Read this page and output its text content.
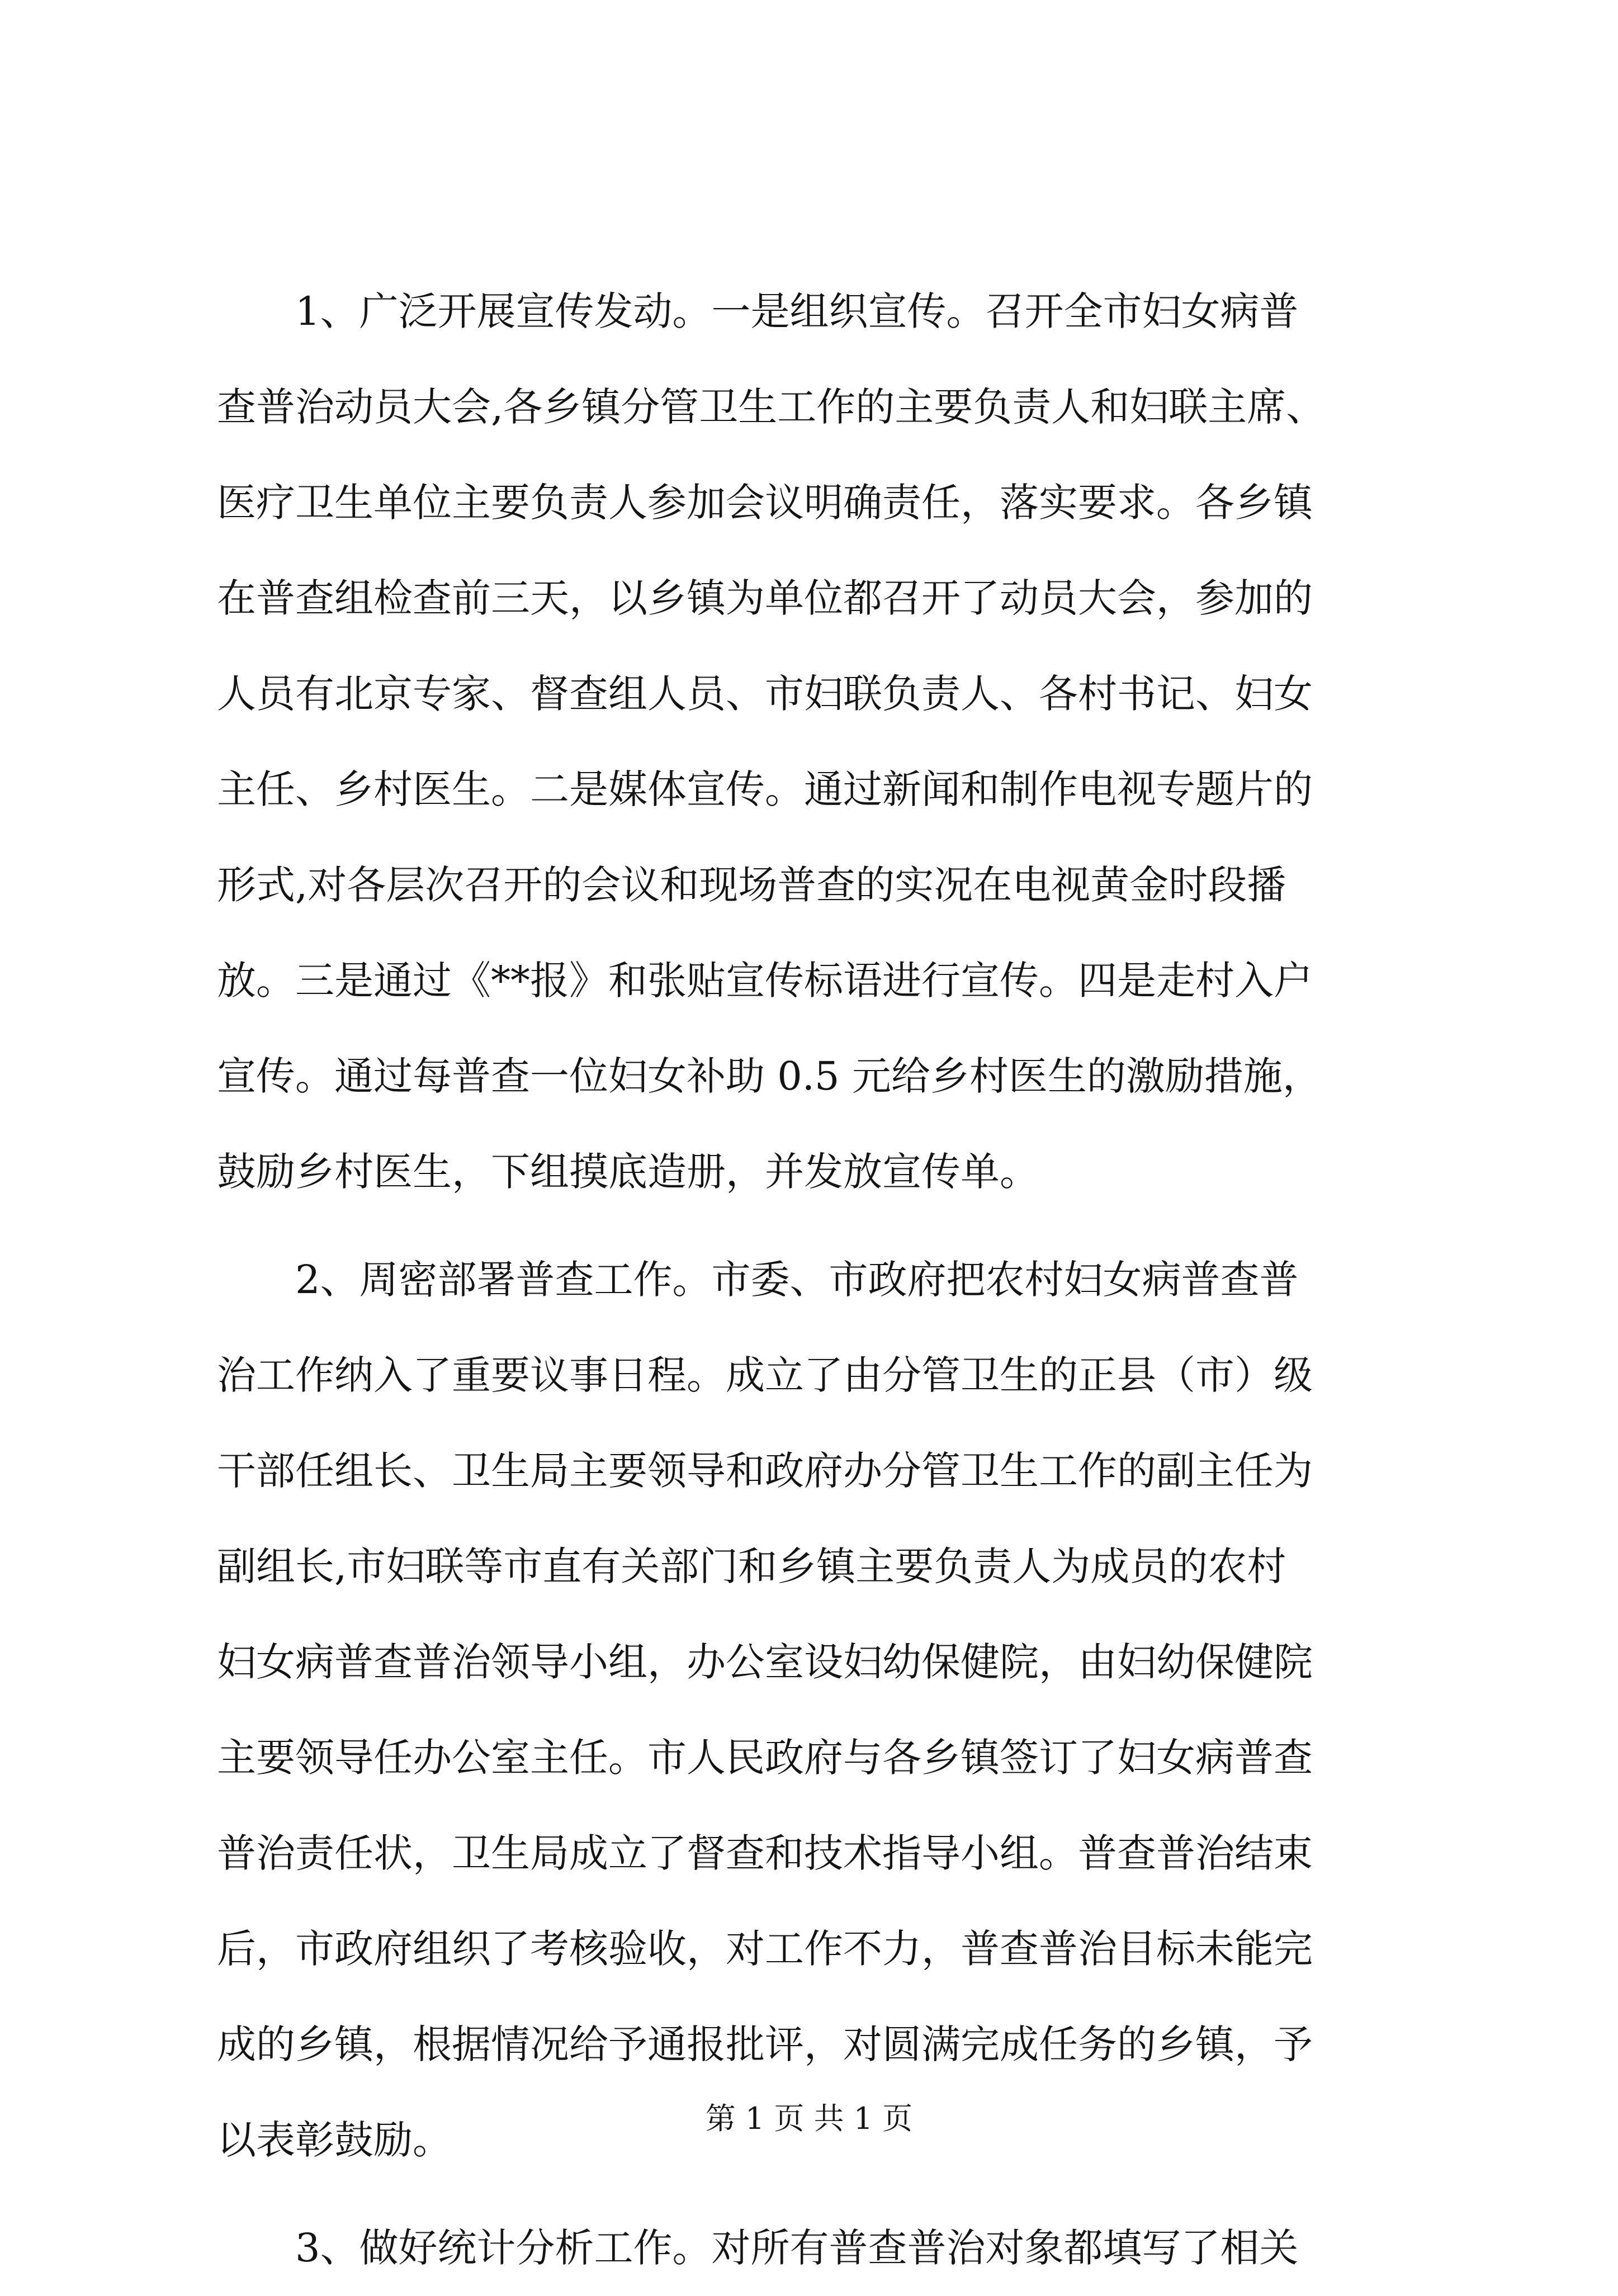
　　1、广泛开展宣传发动。一是组织宣传。召开全市妇女病普
查普治动员大会,各乡镇分管卫生工作的主要负责人和妇联主席、
医疗卫生单位主要负责人参加会议明确责任，落实要求。各乡镇
在普查组检查前三天，以乡镇为单位都召开了动员大会，参加的
人员有北京专家、督查组人员、市妇联负责人、各村书记、妇女
主任、乡村医生。二是媒体宣传。通过新闻和制作电视专题片的
形式,对各层次召开的会议和现场普查的实况在电视黄金时段播
放。三是通过《**报》和张贴宣传标语进行宣传。四是走村入户
宣传。通过每普查一位妇女补助 0.5 元给乡村医生的激励措施，
鼓励乡村医生，下组摸底造册，并发放宣传单。
　　2、周密部署普查工作。市委、市政府把农村妇女病普查普
治工作纳入了重要议事日程。成立了由分管卫生的正县（市）级
干部任组长、卫生局主要领导和政府办分管卫生工作的副主任为
副组长,市妇联等市直有关部门和乡镇主要负责人为成员的农村
妇女病普查普治领导小组，办公室设妇幼保健院，由妇幼保健院
主要领导任办公室主任。市人民政府与各乡镇签订了妇女病普查
普治责任状，卫生局成立了督查和技术指导小组。普查普治结束
后，市政府组织了考核验收，对工作不力，普查普治目标未能完
成的乡镇，根据情况给予通报批评，对圆满完成任务的乡镇，予
以表彰鼓励。
　　3、做好统计分析工作。对所有普查普治对象都填写了相关
第 1 页 共 1 页
